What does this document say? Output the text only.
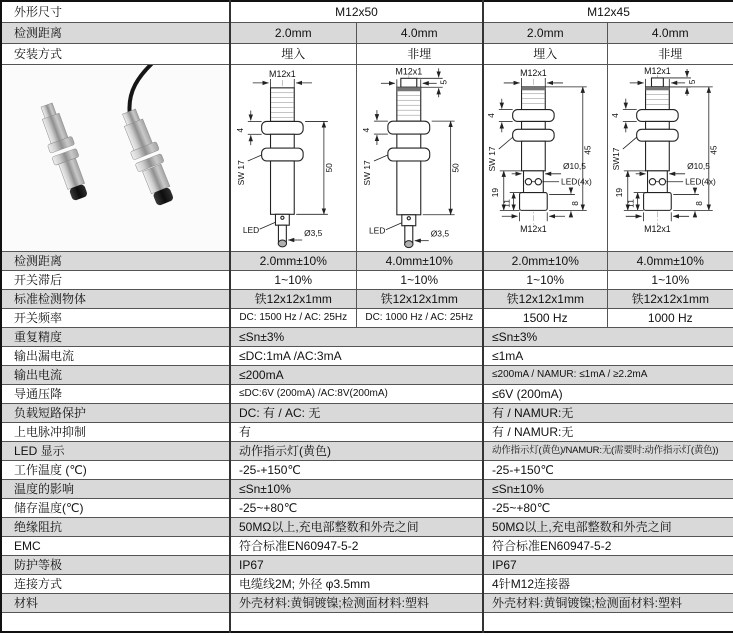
外形尺寸	M12x50		M12x45	
检测距离	2.0mm	4.0mm	2.0mm	4.0mm
安装方式	埋入	非埋	埋入	非埋

M12x1
4
SW 17	50
LED	Ø3,5

M12x1
5
4
SW 17	50
LED	Ø3,5

M12x1
4
SW 17	Ø10,5
LED(4x)
M12x1
19
11
45
8

M12x1
5
4
SW17	Ø10,5
LED(4x)
M12x1
19
11
45
8

检测距离	2.0mm±10%	4.0mm±10%	2.0mm±10%	4.0mm±10%
开关滞后	1~10%	1~10%	1~10%	1~10%
标准检测物体	铁12x12x1mm	铁12x12x1mm	铁12x12x1mm	铁12x12x1mm
开关频率	DC: 1500 Hz / AC: 25Hz	DC: 1000 Hz / AC: 25Hz	1500 Hz	1000 Hz
重复精度	≤Sn±3%		≤Sn±3%	
输出漏电流	≤DC:1mA /AC:3mA		≤1mA	
输出电流	≤200mA		≤200mA / NAMUR: ≤1mA / ≥2.2mA	
导通压降	≤DC:6V (200mA) /AC:8V(200mA)		≤6V (200mA)	
负载短路保护	DC: 有 / AC: 无		有 / NAMUR:无	
上电脉冲抑制	有		有 / NAMUR:无	
LED 显示	动作指示灯(黄色)		动作指示灯(黄色)/NAMUR:无(需要时:动作指示灯(黄色))	
工作温度 (℃)	-25-+150℃		-25-+150℃	
温度的影响	≤Sn±10%		≤Sn±10%	
储存温度(℃)	-25~+80℃		-25~+80℃	
绝缘阻抗	50MΩ以上,充电部整数和外壳之间		50MΩ以上,充电部整数和外壳之间	
EMC	符合标准EN60947-5-2		符合标准EN60947-5-2	
防护等极	IP67		IP67	
连接方式	电缆线2M; 外径 φ3.5mm		4针M12连接器	
材料	外壳材料:黄铜镀镍;检测面材料:塑料		外壳材料:黄铜镀镍;检测面材料:塑料	
